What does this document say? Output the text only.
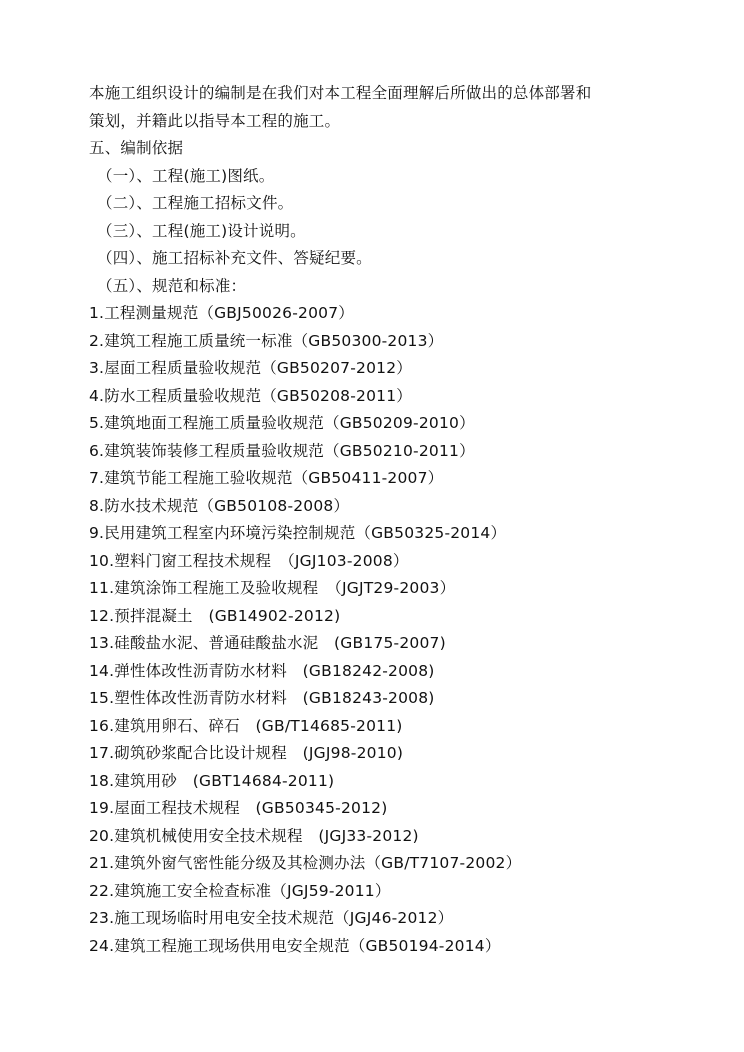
本施工组织设计的编制是在我们对本工程全面理解后所做出的总体部署和
策划，并籍此以指导本工程的施工。
五、编制依据
（一）、工程(施工)图纸。
（二）、工程施工招标文件。
（三）、工程(施工)设计说明。
（四）、施工招标补充文件、答疑纪要。
（五）、规范和标准：
1.工程测量规范（GBJ50026-2007）
2.建筑工程施工质量统一标准（GB50300-2013）
3.屋面工程质量验收规范（GB50207-2012）
4.防水工程质量验收规范（GB50208-2011）
5.建筑地面工程施工质量验收规范（GB50209-2010）
6.建筑装饰装修工程质量验收规范（GB50210-2011）
7.建筑节能工程施工验收规范（GB50411-2007）
8.防水技术规范（GB50108-2008）
9.民用建筑工程室内环境污染控制规范（GB50325-2014）
10.塑料门窗工程技术规程　（JGJ103-2008）
11.建筑涂饰工程施工及验收规程　（JGJT29-2003）
12.预拌混凝土　(GB14902-2012)
13.硅酸盐水泥、普通硅酸盐水泥　(GB175-2007)
14.弹性体改性沥青防水材料　(GB18242-2008)
15.塑性体改性沥青防水材料　(GB18243-2008)
16.建筑用卵石、碎石　(GB/T14685-2011)
17.砌筑砂浆配合比设计规程　(JGJ98-2010)
18.建筑用砂　(GBT14684-2011)
19.屋面工程技术规程　(GB50345-2012)
20.建筑机械使用安全技术规程　(JGJ33-2012)
21.建筑外窗气密性能分级及其检测办法（GB/T7107-2002）
22.建筑施工安全检查标准（JGJ59-2011）
23.施工现场临时用电安全技术规范（JGJ46-2012）
24.建筑工程施工现场供用电安全规范（GB50194-2014）
